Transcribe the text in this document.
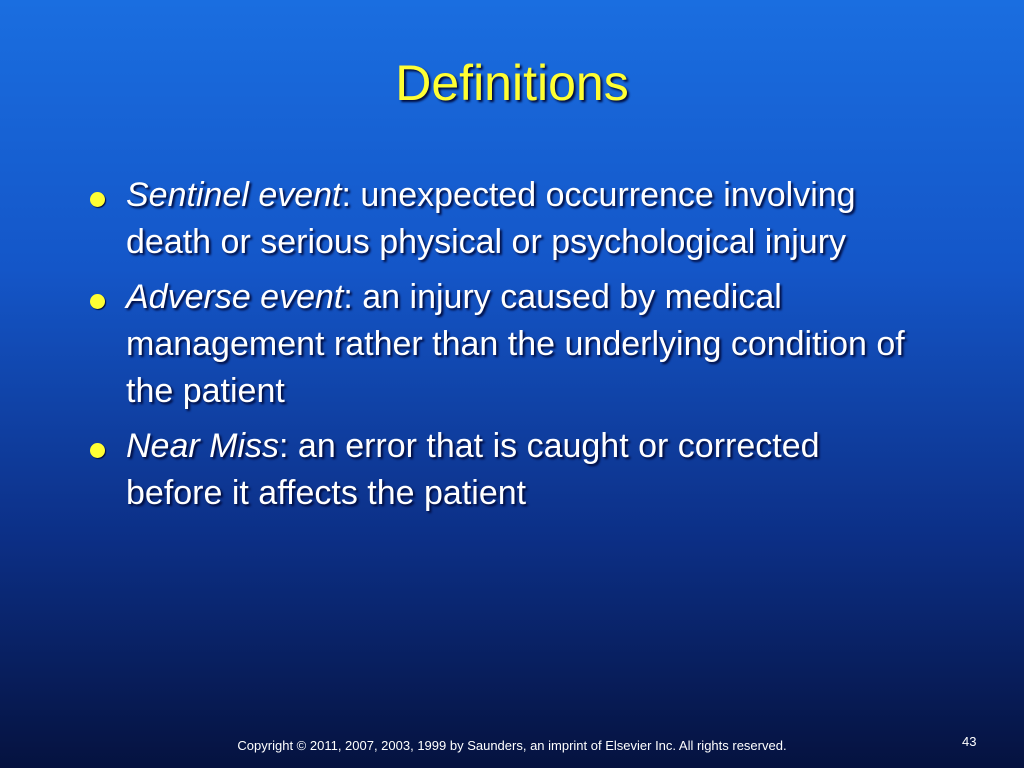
Definitions
Sentinel event: unexpected occurrence involving death or serious physical or psychological injury
Adverse event: an injury caused by medical management rather than the underlying condition of the patient
Near Miss: an error that is caught or corrected before it affects the patient
Copyright © 2011, 2007, 2003, 1999 by Saunders, an imprint of Elsevier Inc. All rights reserved.	43
